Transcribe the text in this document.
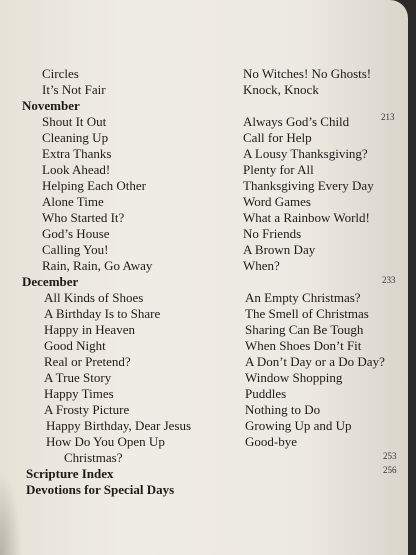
Circles
It’s Not Fair
November
Shout It Out
Cleaning Up
Extra Thanks
Look Ahead!
Helping Each Other
Alone Time
Who Started It?
God’s House
Calling You!
Rain, Rain, Go Away
December
All Kinds of Shoes
A Birthday Is to Share
Happy in Heaven
Good Night
Real or Pretend?
A True Story
Happy Times
A Frosty Picture
Happy Birthday, Dear Jesus
How Do You Open Up
Christmas?
Scripture Index
Devotions for Special Days
No Witches! No Ghosts!
Knock, Knock
Always God’s Child
Call for Help
A Lousy Thanksgiving?
Plenty for All
Thanksgiving Every Day
Word Games
What a Rainbow World!
No Friends
A Brown Day
When?
An Empty Christmas?
The Smell of Christmas
Sharing Can Be Tough
When Shoes Don’t Fit
A Don’t Day or a Do Day?
Window Shopping
Puddles
Nothing to Do
Growing Up and Up
Good-bye
213
233
253
256
